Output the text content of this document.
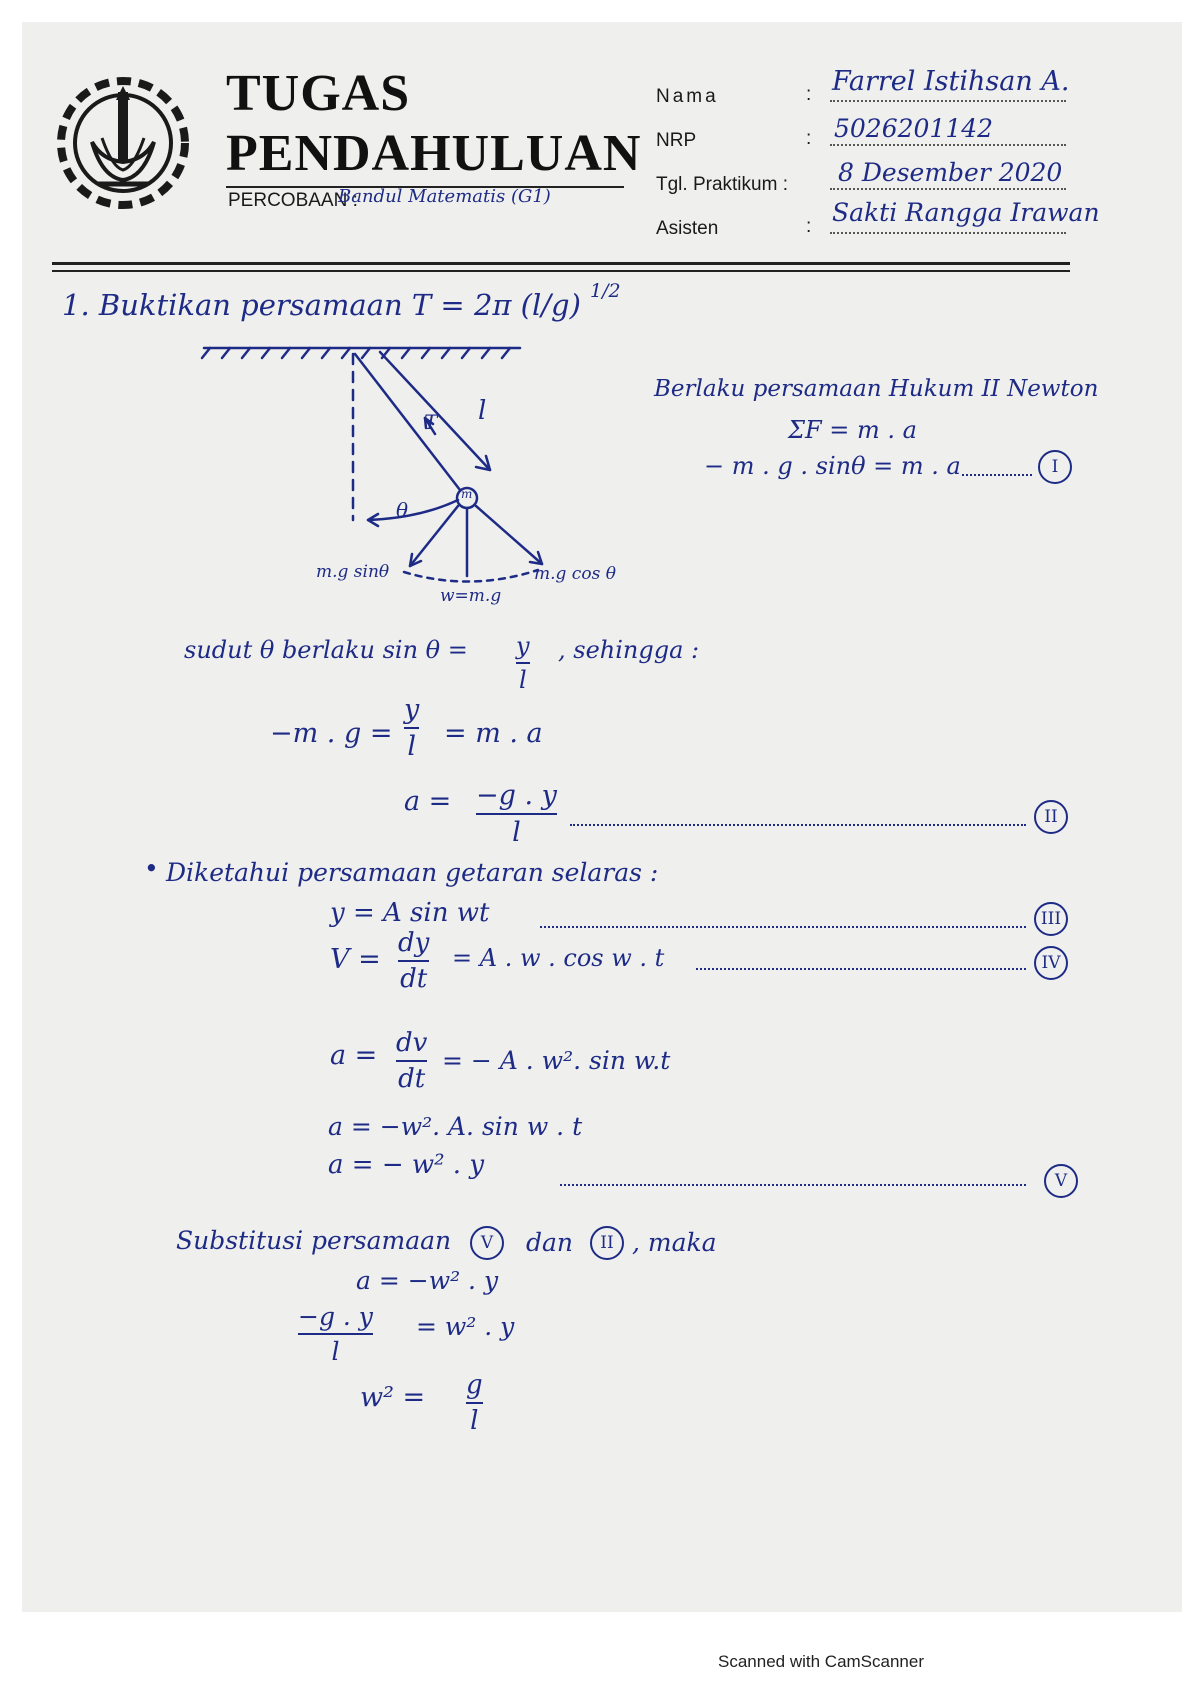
TUGAS
PENDAHULUAN
PERCOBAAN :
Bandul Matematis (G1)
Nama	: Farrel Istihsan A.
NRP	: 5026201142
Tgl. Praktikum : 8 Desember 2020
Asisten	: Sakti Rangga Irawan
1. Buktikan persamaan T = 2π (l/g) 1/2
T l
m
θ
m.g sinθ	m.g cos θ
w=m.g
Berlaku persamaan Hukum II Newton
ΣF = m . a
− m . g . sinθ = m . a	I
sudut θ berlaku sin θ = y
l
, sehingga :
−m . g =
y
l = m . a
a = −g . y
l	II
• Diketahui persamaan getaran selaras :
y = A sin wt	III
V =
dy
dt
= A . w . cos w . t	IV
a = dv
dt
= − A . w². sin w.t
a = −w². A. sin w . t
a = − w² . y
V
Substitusi persamaan	V	dan	II , maka
a = −w² . y
−g . y
l
= w² . y
w² = g
l
Scanned with CamScanner
